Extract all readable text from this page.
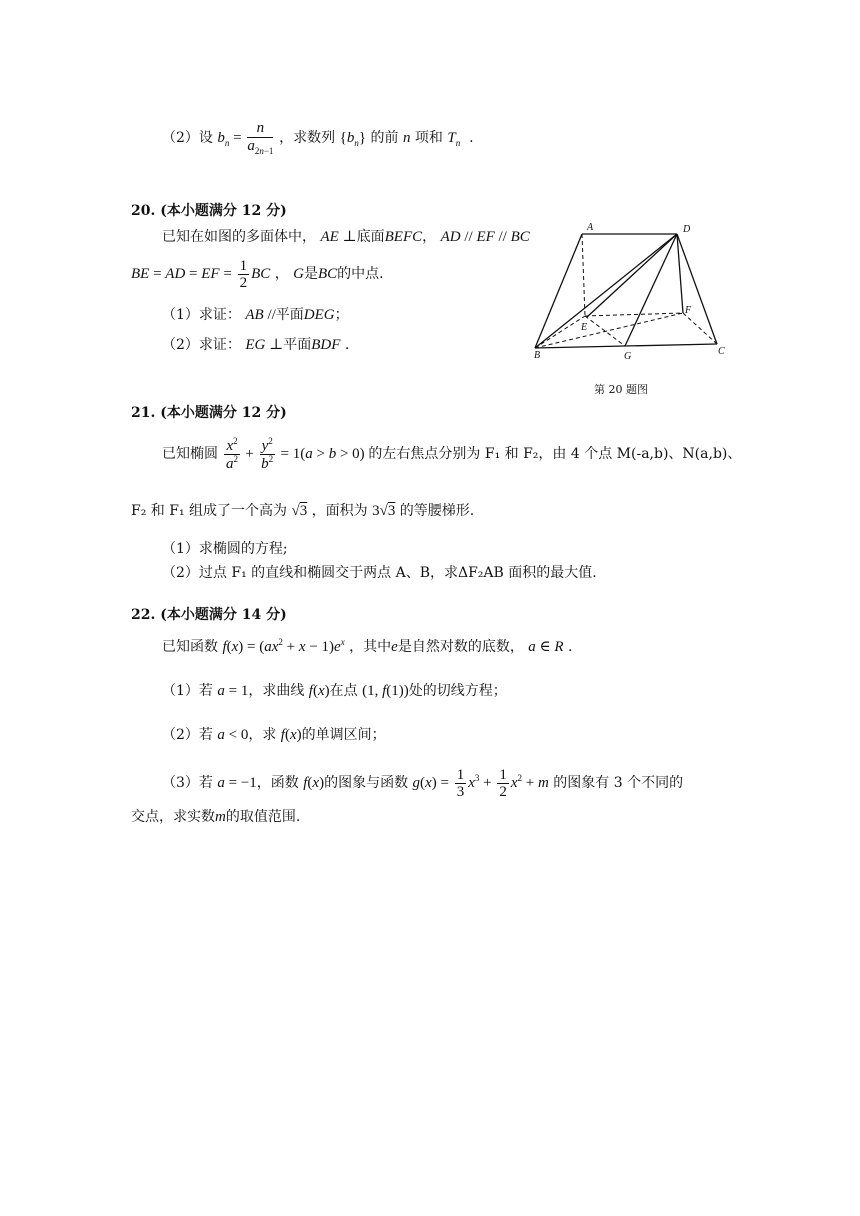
（2）设 $b_n = \frac{n}{a_{2n-1}}$ ，求数列 $\{b_n\}$ 的前 n 项和 $T_n$ .
20. (本小题满分 12 分)
已知在如图的多面体中， AE ⊥底面BEFC， AD // EF // BC
BE = AD = EF = $\frac{1}{2}$ BC ， G是BC的中点.
（1）求证： AB //平面DEG；
（2）求证： EG ⊥平面BDF .
A	D
E
F
B	G	C
第 20 题图
21. (本小题满分 12 分)
已知椭圆 $\frac{x^2}{a^2} + \frac{y^2}{b^2} = 1(a > b > 0)$ 的左右焦点分别为 F₁ 和 F₂，由 4 个点 M(-a,b)、N(a,b)、
F₂ 和 F₁ 组成了一个高为 √3 ，面积为 3√3 的等腰梯形.
（1）求椭圆的方程;
（2）过点 F₁ 的直线和椭圆交于两点 A、B，求ΔF₂AB 面积的最大值.
22. (本小题满分 14 分)
已知函数 $f(x) = (ax^2 + x - 1)e^x$ ，其中e是自然对数的底数， a ∈ R .
（1）若 a = 1，求曲线 f(x)在点 (1, f(1))处的切线方程；
（2）若 a < 0，求 f(x)的单调区间；
（3）若 a = −1，函数 f(x)的图象与函数 $g(x) = \frac{1}{3} x^3 + \frac{1}{2} x^2 + m$ 的图象有 3 个不同的
交点，求实数m的取值范围.
